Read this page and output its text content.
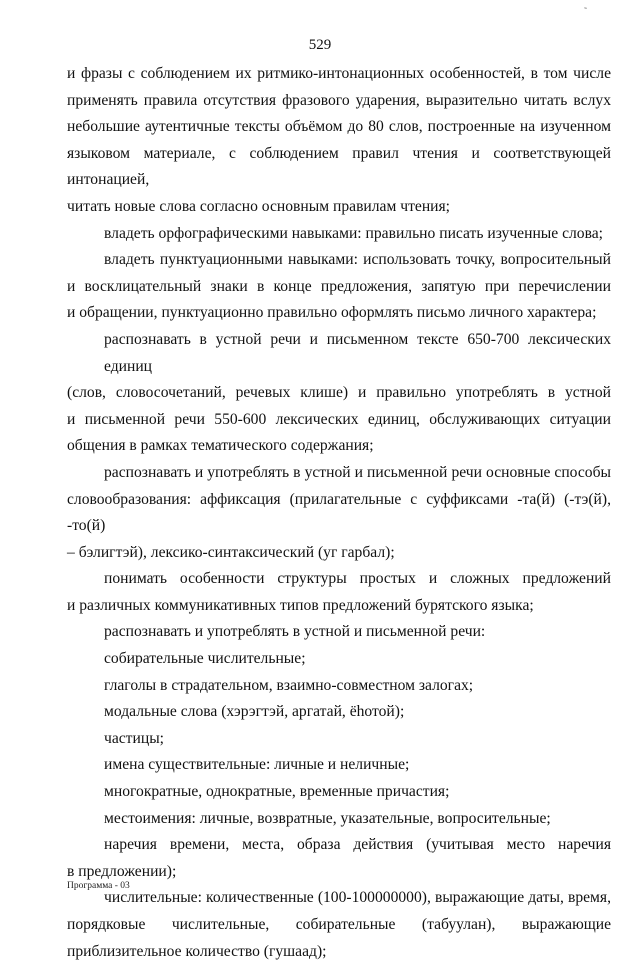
˜
529
и фразы с соблюдением их ритмико-интонационных особенностей, в том числе
применять правила отсутствия фразового ударения, выразительно читать вслух
небольшие аутентичные тексты объёмом до 80 слов, построенные на изученном
языковом материале, с соблюдением правил чтения и соответствующей интонацией,
читать новые слова согласно основным правилам чтения;
владеть орфографическими навыками: правильно писать изученные слова;
владеть пунктуационными навыками: использовать точку, вопросительный
и восклицательный знаки в конце предложения, запятую при перечислении
и обращении, пунктуационно правильно оформлять письмо личного характера;
распознавать в устной речи и письменном тексте 650-700 лексических единиц
(слов, словосочетаний, речевых клише) и правильно употреблять в устной
и письменной речи 550-600 лексических единиц, обслуживающих ситуации
общения в рамках тематического содержания;
распознавать и употреблять в устной и письменной речи основные способы
словообразования: аффиксация (прилагательные с суффиксами -та(й) (-тэ(й), -то(й)
– бэлигтэй), лексико-синтаксический (уг гарбал);
понимать особенности структуры простых и сложных предложений
и различных коммуникативных типов предложений бурятского языка;
распознавать и употреблять в устной и письменной речи:
собирательные числительные;
глаголы в страдательном, взаимно-совместном залогах;
модальные слова (хэрэгтэй, аргатай, ёhотой);
частицы;
имена существительные: личные и неличные;
многократные, однократные, временные причастия;
местоимения: личные, возвратные, указательные, вопросительные;
наречия времени, места, образа действия (учитывая место наречия
в предложении);
числительные: количественные (100-100000000), выражающие даты, время,
порядковые числительные, собирательные (табуулан), выражающие
приблизительное количество (гушаад);
Программа - 03
